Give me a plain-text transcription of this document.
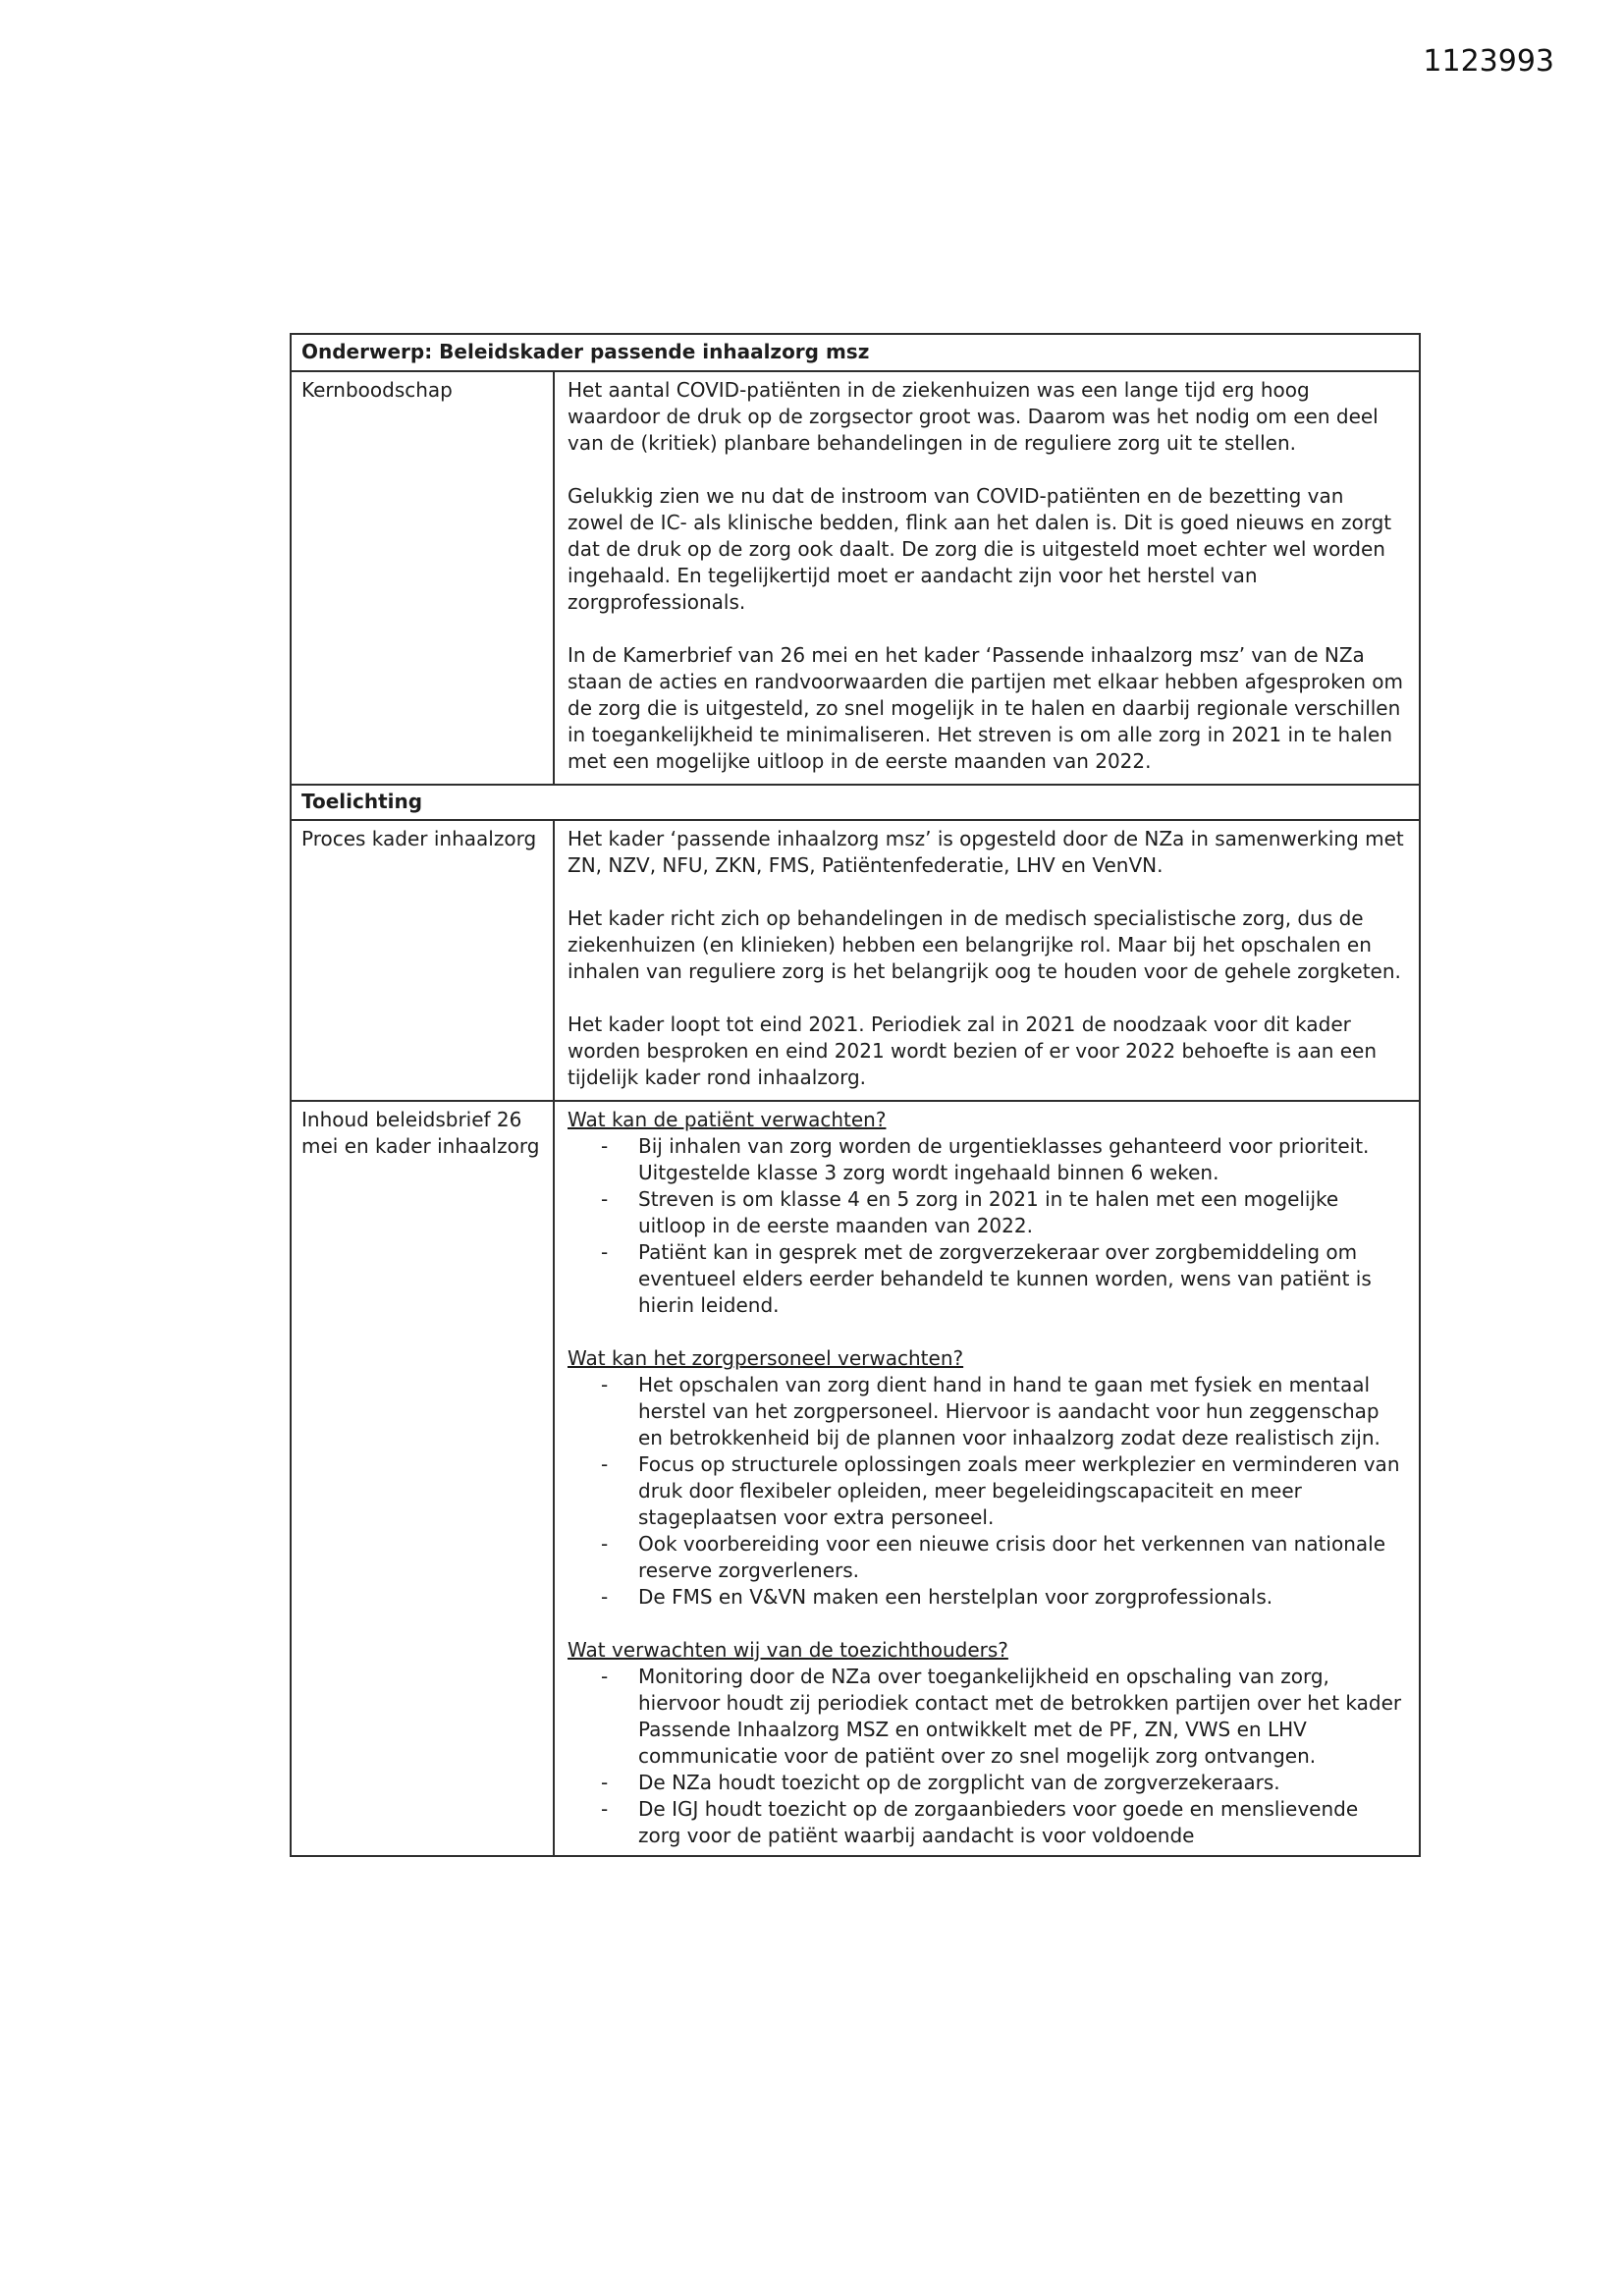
1123993
Onderwerp: Beleidskader passende inhaalzorg msz
Kernboodschap	Het aantal COVID-patiënten in de ziekenhuizen was een lange tijd erg hoog waardoor de druk op de zorgsector groot was. Daarom was het nodig om een deel van de (kritiek) planbare behandelingen in de reguliere zorg uit te stellen.

Gelukkig zien we nu dat de instroom van COVID-patiënten en de bezetting van zowel de IC- als klinische bedden, flink aan het dalen is. Dit is goed nieuws en zorgt dat de druk op de zorg ook daalt. De zorg die is uitgesteld moet echter wel worden ingehaald. En tegelijkertijd moet er aandacht zijn voor het herstel van zorgprofessionals.

In de Kamerbrief van 26 mei en het kader ‘Passende inhaalzorg msz’ van de NZa staan de acties en randvoorwaarden die partijen met elkaar hebben afgesproken om de zorg die is uitgesteld, zo snel mogelijk in te halen en daarbij regionale verschillen in toegankelijkheid te minimaliseren. Het streven is om alle zorg in 2021 in te halen met een mogelijke uitloop in de eerste maanden van 2022.

Toelichting
Proces kader inhaalzorg	Het kader ‘passende inhaalzorg msz’ is opgesteld door de NZa in samenwerking met ZN, NZV, NFU, ZKN, FMS, Patiëntenfederatie, LHV en VenVN.

Het kader richt zich op behandelingen in de medisch specialistische zorg, dus de ziekenhuizen (en klinieken) hebben een belangrijke rol. Maar bij het opschalen en inhalen van reguliere zorg is het belangrijk oog te houden voor de gehele zorgketen.

Het kader loopt tot eind 2021. Periodiek zal in 2021 de noodzaak voor dit kader worden besproken en eind 2021 wordt bezien of er voor 2022 behoefte is aan een tijdelijk kader rond inhaalzorg.

Inhoud beleidsbrief 26 mei en kader inhaalzorg

Wat kan de patiënt verwachten?

- Bij inhalen van zorg worden de urgentieklasses gehanteerd voor prioriteit. Uitgestelde klasse 3 zorg wordt ingehaald binnen 6 weken.
- Streven is om klasse 4 en 5 zorg in 2021 in te halen met een mogelijke uitloop in de eerste maanden van 2022.
- Patiënt kan in gesprek met de zorgverzekeraar over zorgbemiddeling om eventueel elders eerder behandeld te kunnen worden, wens van patiënt is hierin leidend.

Wat kan het zorgpersoneel verwachten?

- Het opschalen van zorg dient hand in hand te gaan met fysiek en mentaal herstel van het zorgpersoneel. Hiervoor is aandacht voor hun zeggenschap en betrokkenheid bij de plannen voor inhaalzorg zodat deze realistisch zijn.
- Focus op structurele oplossingen zoals meer werkplezier en verminderen van druk door flexibeler opleiden, meer begeleidingscapaciteit en meer stageplaatsen voor extra personeel.
- Ook voorbereiding voor een nieuwe crisis door het verkennen van nationale reserve zorgverleners.
- De FMS en V&VN maken een herstelplan voor zorgprofessionals.

Wat verwachten wij van de toezichthouders?

- Monitoring door de NZa over toegankelijkheid en opschaling van zorg, hiervoor houdt zij periodiek contact met de betrokken partijen over het kader Passende Inhaalzorg MSZ en ontwikkelt met de PF, ZN, VWS en LHV communicatie voor de patiënt over zo snel mogelijk zorg ontvangen.
- De NZa houdt toezicht op de zorgplicht van de zorgverzekeraars.
- De IGJ houdt toezicht op de zorgaanbieders voor goede en menslievende zorg voor de patiënt waarbij aandacht is voor voldoende
